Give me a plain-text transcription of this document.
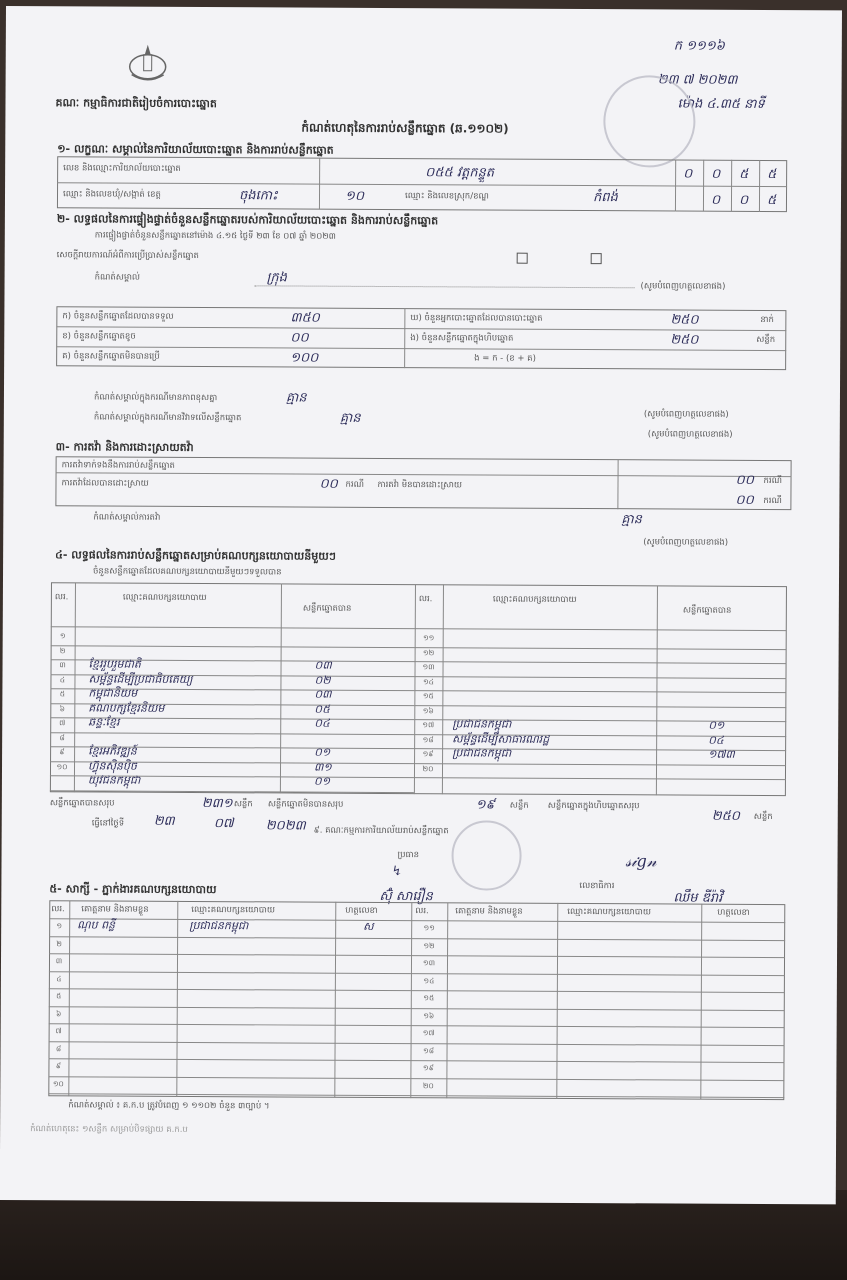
គណៈ កម្មាធិការជាតិរៀបចំការបោះឆ្នោត
កំណត់ហេតុនៃការរាប់សន្លឹកឆ្នោត (ឆ.១១០២)
ក ១១១៦
២៣ ៧ ២០២៣
ម៉ោង ៤.៣៥ នាទី
១- លក្ខណៈ សម្គាល់នៃការិយាល័យបោះឆ្នោត និងការរាប់សន្លឹកឆ្នោត
លេខ និងឈ្មោះការិយាល័យបោះឆ្នោត	០៥៥ វត្តកន្ទួត
ឈ្មោះ និងលេខឃុំ/សង្កាត់ ខេត្ត	ចុងកោះ	១០	ឈ្មោះ និងលេខស្រុក/ខណ្ឌ	កំពង់
០ ០ ៥ ៥
០ ០ ៥
២- លទ្ធផលនៃការផ្ទៀងផ្ទាត់ចំនួនសន្លឹកឆ្នោតរបស់ការិយាល័យបោះឆ្នោត និងការរាប់សន្លឹកឆ្នោត
ការផ្ទៀងផ្ទាត់ចំនួនសន្លឹកឆ្នោតនៅម៉ោង ៤.១៥ ថ្ងៃទី ២៣ ខែ ០៧ ឆ្នាំ ២០២៣
សេចក្តីរាយការណ៍អំពីការប្រើប្រាស់សន្លឹកឆ្នោត
កំណត់សម្គាល់	ក្រុង
(សូមបំពេញហត្ថលេខាផង)
ក) ចំនួនសន្លឹកឆ្នោតដែលបានទទួល	៣៥០
ខ) ចំនួនសន្លឹកឆ្នោតខូច	០០
គ) ចំនួនសន្លឹកឆ្នោតមិនបានប្រើ	១០០
ឃ) ចំនួនអ្នកបោះឆ្នោតដែលបានបោះឆ្នោត	២៥០	នាក់
ង) ចំនួនសន្លឹកឆ្នោតក្នុងហិបឆ្នោត	២៥០	សន្លឹក
ង = ក - (ខ + គ)
កំណត់សម្គាល់ក្នុងករណីមានភាពខុសគ្នា	គ្មាន
(សូមបំពេញហត្ថលេខាផង)
កំណត់សម្គាល់ក្នុងករណីមានវិវាទលើសន្លឹកឆ្នោត	គ្មាន
(សូមបំពេញហត្ថលេខាផង)
៣- ការតវ៉ា និងការដោះស្រាយតវ៉ា
ការតវ៉ាទាក់ទងនឹងការរាប់សន្លឹកឆ្នោត
ការតវ៉ាដែលបានដោះស្រាយ	០០ ករណី ការតវ៉ា មិនបានដោះស្រាយ	០០ ករណី
០០ ករណី
កំណត់សម្គាល់ការតវ៉ា	គ្មាន
(សូមបំពេញហត្ថលេខាផង)
៤- លទ្ធផលនៃការរាប់សន្លឹកឆ្នោតសម្រាប់គណបក្សនយោបាយនីមួយៗ
ចំនួនសន្លឹកឆ្នោតដែលគណបក្សនយោបាយនីមួយៗទទួលបាន
លរ.	ឈ្មោះគណបក្សនយោបាយ
សន្លឹកឆ្នោតបាន
លរ.	ឈ្មោះគណបក្សនយោបាយ
សន្លឹកឆ្នោតបាន
១
២
៣	ខ្មែររួបរួមជាតិ	០៣
៤	សម្ព័ន្ធដើម្បីប្រជាធិបតេយ្យ	០២
៥	កម្ពុជានិយម	០៣
៦	គណបក្សខ្មែរនិយម	០៥
៧	ឆន្ទៈខ្មែរ	០៤
៨
៩	ខ្មែរអភិវឌ្ឍន៍	០១
១០	ហ៊្វុនស៊ិនប៉ិច	៣១
យុវជនកម្ពុជា	០១
១១
១២
១៣
១៤
១៥
១៦
១៧	ប្រជាជនកម្ពុជា	០១
១៨	សម្ព័ន្ធដើម្បីសាធារណរដ្ឋ	០៤
១៩	ប្រជាជនកម្ពុជា	១៧៣
២០
សន្លឹកឆ្នោតបានសរុប	២៣១ សន្លឹក សន្លឹកឆ្នោតមិនបានសរុប	១៩ សន្លឹក សន្លឹកឆ្នោតក្នុងហិបឆ្នោតសរុប
២៥០ សន្លឹក
ធ្វើនៅថ្ងៃទី ២៣	០៧ ២០២៣ ៩. គណៈកម្មការការិយាល័យរាប់សន្លឹកឆ្នោត
ប្រធាន
↯
ស៊ុំ សារឿន
លេខាធិការ
𝓈𝒾𝑔𝓃
ឈឹម ឌីរ៉ាវិ
៥- សាក្សី - ភ្នាក់ងារគណបក្សនយោបាយ
លរ. គោត្តនាម និងនាមខ្លួន	ឈ្មោះគណបក្សនយោបាយ	ហត្ថលេខា	លរ.	គោត្តនាម និងនាមខ្លួន	ឈ្មោះគណបក្សនយោបាយ	ហត្ថលេខា
១	ណុប ពន្លី	ប្រជាជនកម្ពុជា	ស
២
៣
៤
៥
៦
៧
៨
៩
១០
១១
១២
១៣
១៤
១៥
១៦
១៧
១៨
១៩
២០
កំណត់សម្គាល់ ៖ គ.ក.ប ត្រូវបំពេញ ១ ១១០២ ចំនួន ៣ច្បាប់ ។
កំណត់ហេតុនេះ ១សន្លឹក សម្រាប់បិទផ្សាយ គ.ក.ប
